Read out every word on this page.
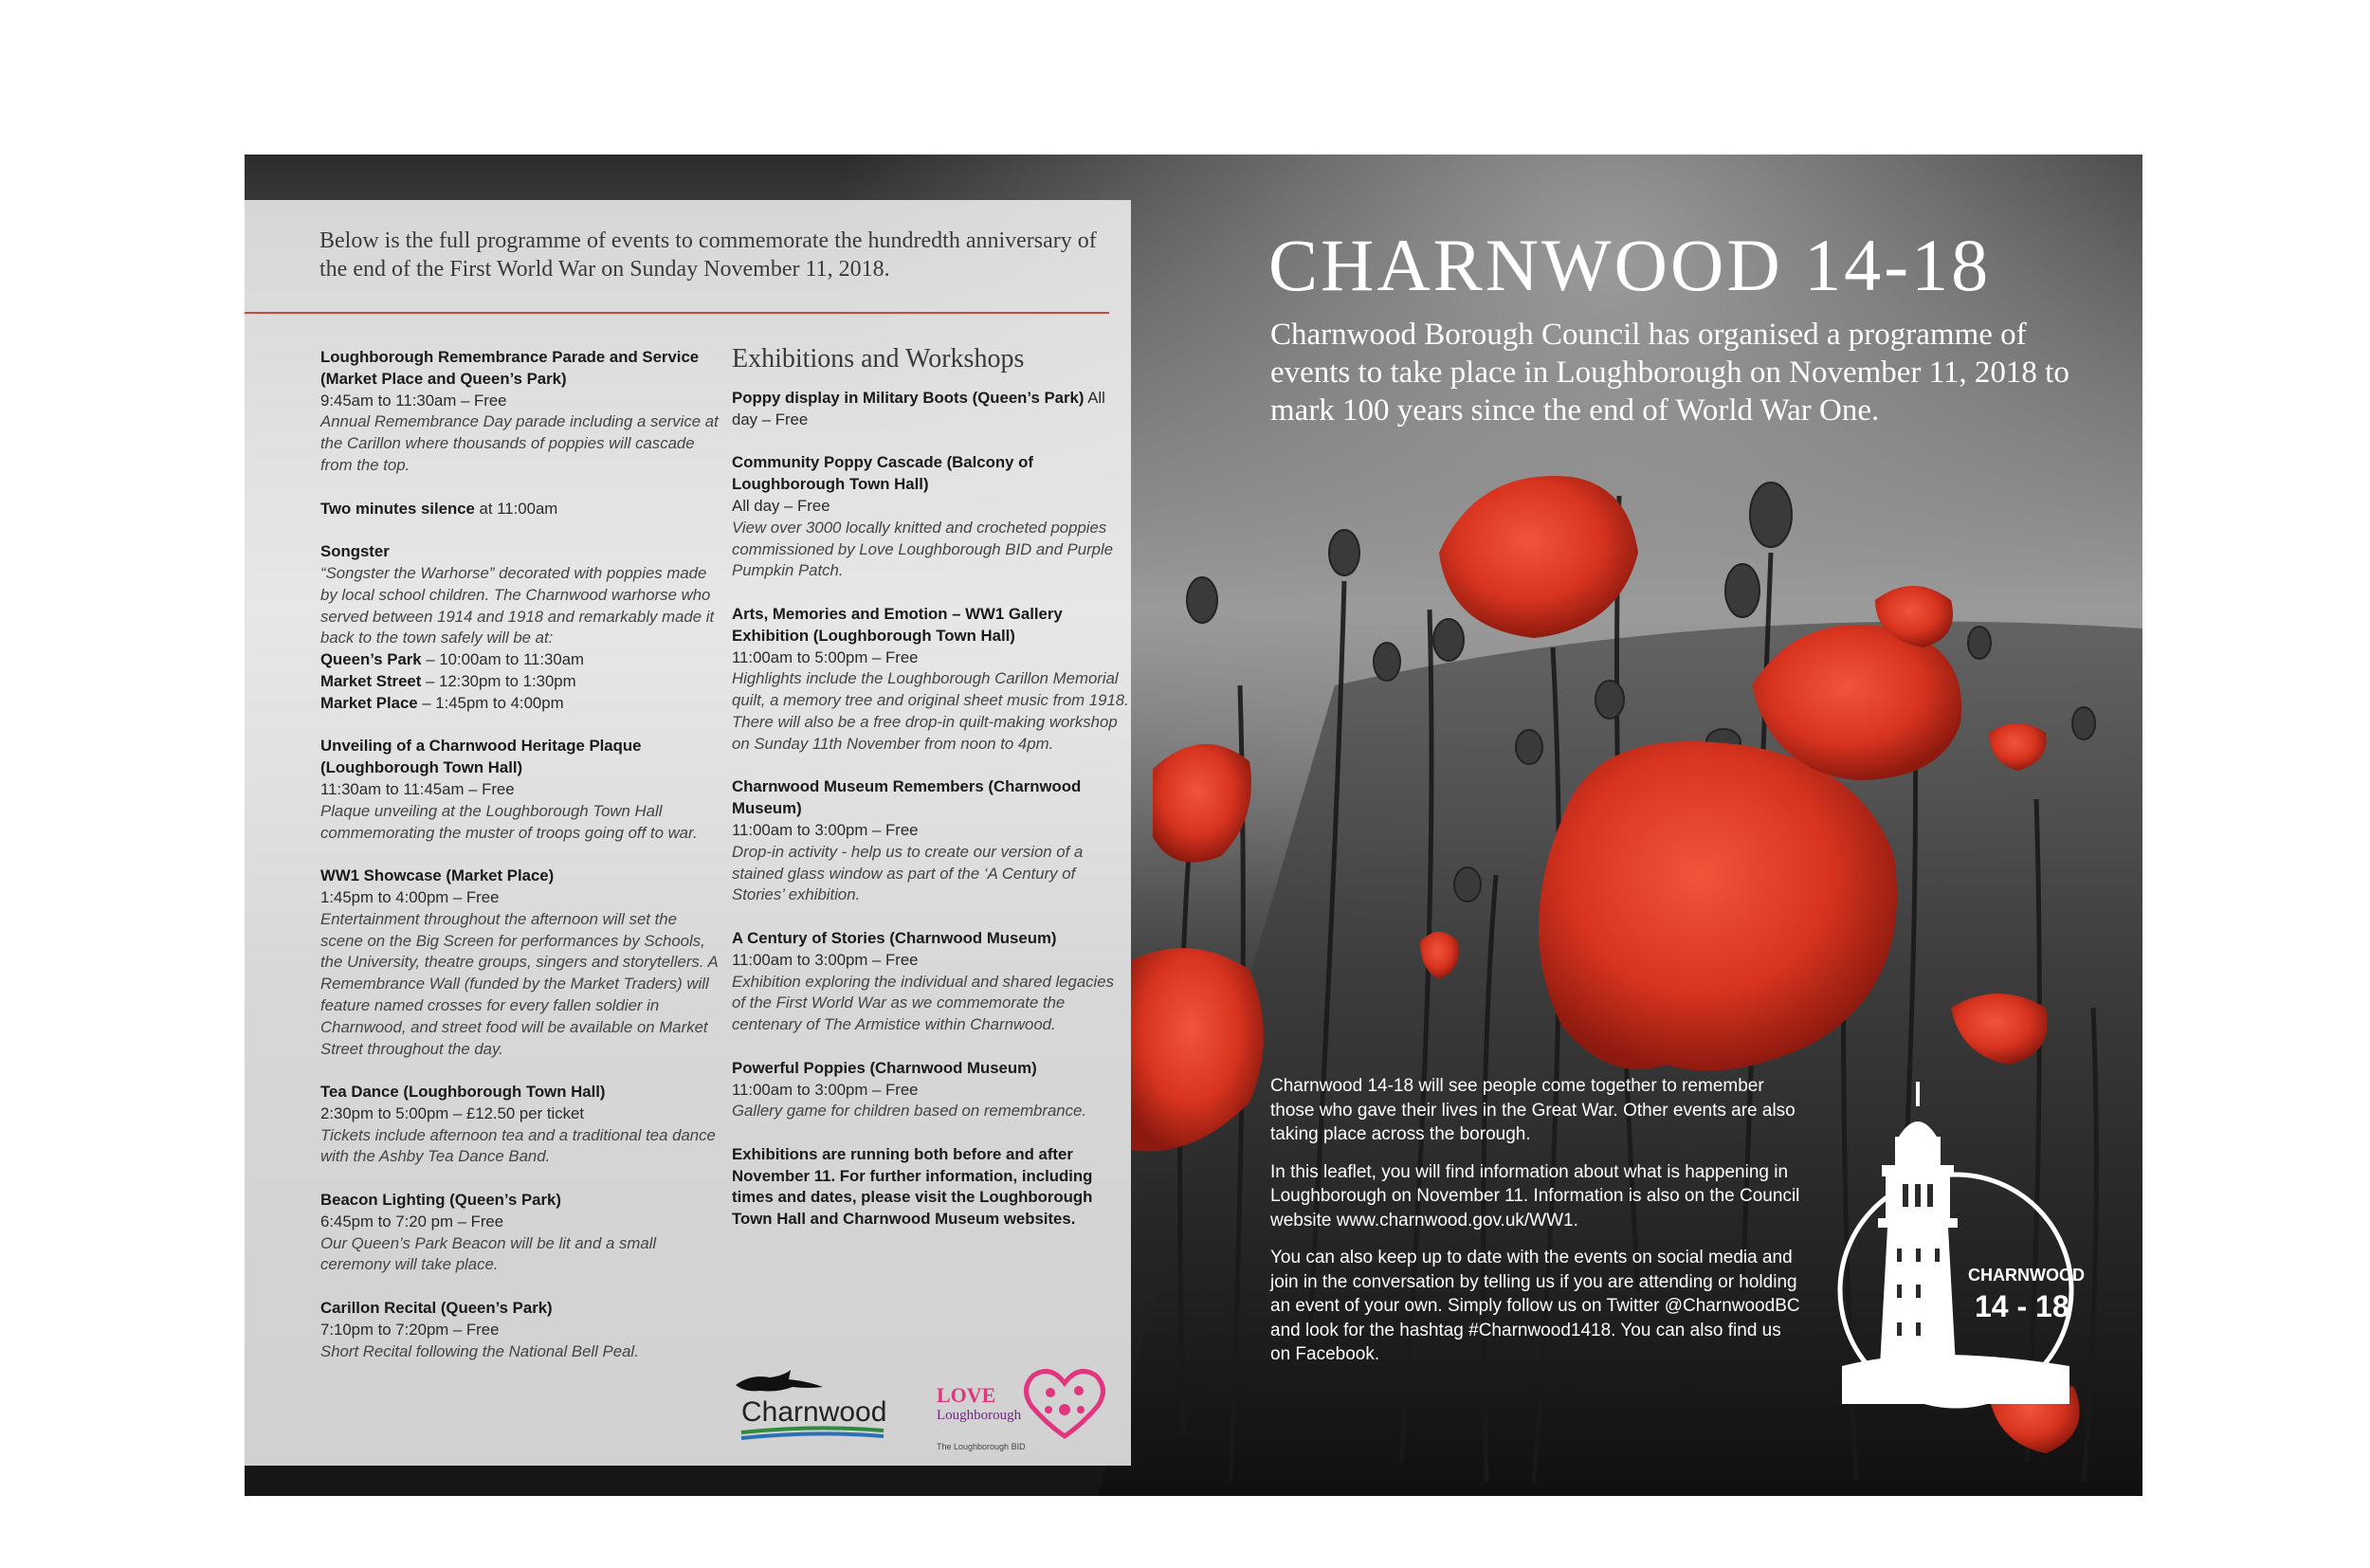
Below is the full programme of events to commemorate the hundredth anniversary of the end of the First World War on Sunday November 11, 2018.

Loughborough Remembrance Parade and Service (Market Place and Queen’s Park)

9:45am to 11:30am – Free

Annual Remembrance Day parade including a service at the Carillon where thousands of poppies will cascade from the top.

Two minutes silence at 11:00am

Songster

“Songster the Warhorse” decorated with poppies made by local school children. The Charnwood warhorse who served between 1914 and 1918 and remarkably made it back to the town safely will be at:

Queen’s Park – 10:00am to 11:30am

Market Street – 12:30pm to 1:30pm

Market Place – 1:45pm to 4:00pm

Unveiling of a Charnwood Heritage Plaque (Loughborough Town Hall)

11:30am to 11:45am – Free

Plaque unveiling at the Loughborough Town Hall commemorating the muster of troops going off to war.

WW1 Showcase (Market Place)

1:45pm to 4:00pm – Free

Entertainment throughout the afternoon will set the scene on the Big Screen for performances by Schools, the University, theatre groups, singers and storytellers. A Remembrance Wall (funded by the Market Traders) will feature named crosses for every fallen soldier in Charnwood, and street food will be available on Market Street throughout the day.

Tea Dance (Loughborough Town Hall)

2:30pm to 5:00pm – £12.50 per ticket

Tickets include afternoon tea and a traditional tea dance with the Ashby Tea Dance Band.

Beacon Lighting (Queen’s Park)

6:45pm to 7:20 pm – Free

Our Queen’s Park Beacon will be lit and a small ceremony will take place.

Carillon Recital (Queen’s Park)

7:10pm to 7:20pm – Free

Short Recital following the National Bell Peal.

Exhibitions and Workshops

Poppy display in Military Boots (Queen’s Park) All day – Free

Community Poppy Cascade (Balcony of Loughborough Town Hall)

All day – Free

View over 3000 locally knitted and crocheted poppies commissioned by Love Loughborough BID and Purple Pumpkin Patch.

Arts, Memories and Emotion – WW1 Gallery Exhibition (Loughborough Town Hall)

11:00am to 5:00pm – Free

Highlights include the Loughborough Carillon Memorial quilt, a memory tree and original sheet music from 1918. There will also be a free drop-in quilt-making workshop on Sunday 11th November from noon to 4pm.

Charnwood Museum Remembers (Charnwood Museum)

11:00am to 3:00pm – Free

Drop-in activity - help us to create our version of a stained glass window as part of the ‘A Century of Stories’ exhibition.

A Century of Stories (Charnwood Museum)

11:00am to 3:00pm – Free

Exhibition exploring the individual and shared legacies of the First World War as we commemorate the centenary of The Armistice within Charnwood.

Powerful Poppies (Charnwood Museum)

11:00am to 3:00pm – Free

Gallery game for children based on remembrance.

Exhibitions are running both before and after November 11. For further information, including times and dates, please visit the Loughborough Town Hall and Charnwood Museum websites.

Charnwood
LOVE
Loughborough
The Loughborough BID
CHARNWOOD 14-18

Charnwood Borough Council has organised a programme of events to take place in Loughborough on November 11, 2018 to mark 100 years since the end of World War One.

Charnwood 14-18 will see people come together to remember those who gave their lives in the Great War. Other events are also taking place across the borough.

In this leaflet, you will find information about what is happening in Loughborough on November 11. Information is also on the Council website www.charnwood.gov.uk/WW1.

You can also keep up to date with the events on social media and join in the conversation by telling us if you are attending or holding an event of your own. Simply follow us on Twitter @CharnwoodBC and look for the hashtag #Charnwood1418. You can also find us on Facebook.

CHARNWOOD
14 - 18
